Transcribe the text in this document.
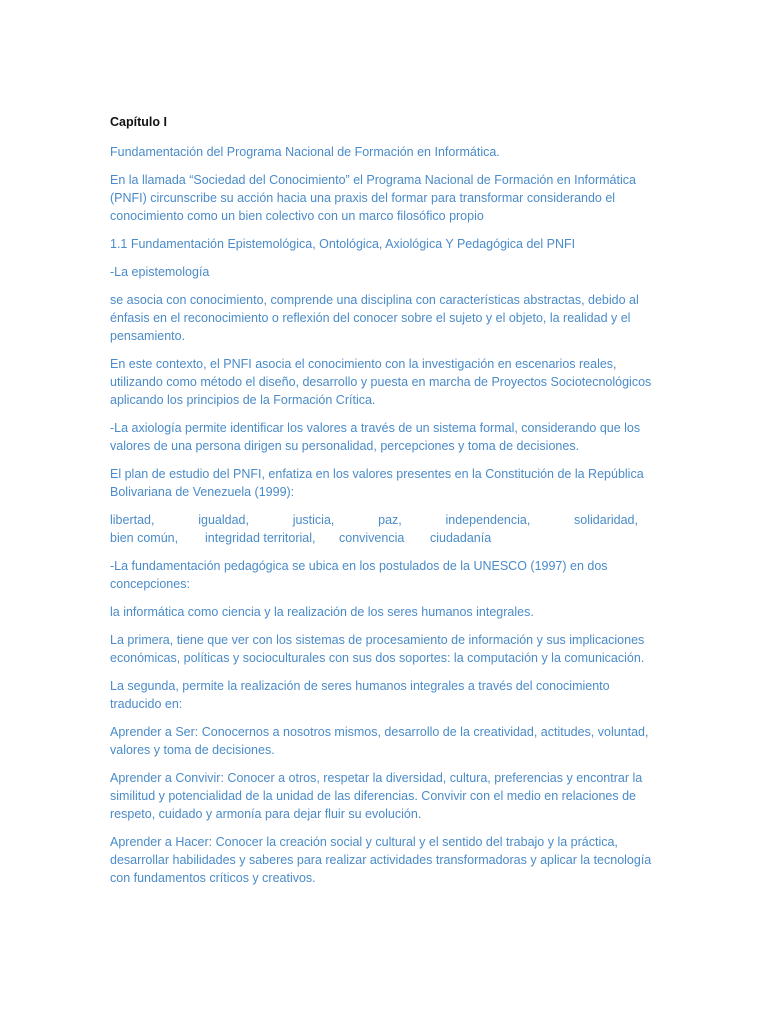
Capítulo I

Fundamentación del Programa Nacional de Formación en Informática.

En la llamada “Sociedad del Conocimiento” el Programa Nacional de Formación en Informática (PNFI) circunscribe su acción hacia una praxis del formar para transformar considerando el conocimiento como un bien colectivo con un marco filosófico propio

1.1 Fundamentación Epistemológica, Ontológica, Axiológica Y Pedagógica del PNFI

-La epistemología

se asocia con conocimiento, comprende una disciplina con características abstractas, debido al énfasis en el reconocimiento o reflexión del conocer sobre el sujeto y el objeto, la realidad y el pensamiento.

En este contexto, el PNFI asocia el conocimiento con la investigación en escenarios reales, utilizando como método el diseño, desarrollo y puesta en marcha de Proyectos Sociotecnológicos aplicando los principios de la Formación Crítica.

-La axiología permite identificar los valores a través de un sistema formal, considerando que los valores de una persona dirigen su personalidad, percepciones y toma de decisiones.

El plan de estudio del PNFI, enfatiza en los valores presentes en la Constitución de la República Bolivariana de Venezuela (1999):

libertad,	igualdad,	justicia,	paz,	independencia,	solidaridad,
bien común,	integridad territorial,	convivencia	ciudadanía

-La fundamentación pedagógica se ubica en los postulados de la UNESCO (1997) en dos concepciones:

la informática como ciencia y la realización de los seres humanos integrales.

La primera, tiene que ver con los sistemas de procesamiento de información y sus implicaciones económicas, políticas y socioculturales con sus dos soportes: la computación y la comunicación.

La segunda, permite la realización de seres humanos integrales a través del conocimiento traducido en:

Aprender a Ser: Conocernos a nosotros mismos, desarrollo de la creatividad, actitudes, voluntad, valores y toma de decisiones.

Aprender a Convivir: Conocer a otros, respetar la diversidad, cultura, preferencias y encontrar la similitud y potencialidad de la unidad de las diferencias. Convivir con el medio en relaciones de respeto, cuidado y armonía para dejar fluir su evolución.

Aprender a Hacer: Conocer la creación social y cultural y el sentido del trabajo y la práctica, desarrollar habilidades y saberes para realizar actividades transformadoras y aplicar la tecnología con fundamentos críticos y creativos.
